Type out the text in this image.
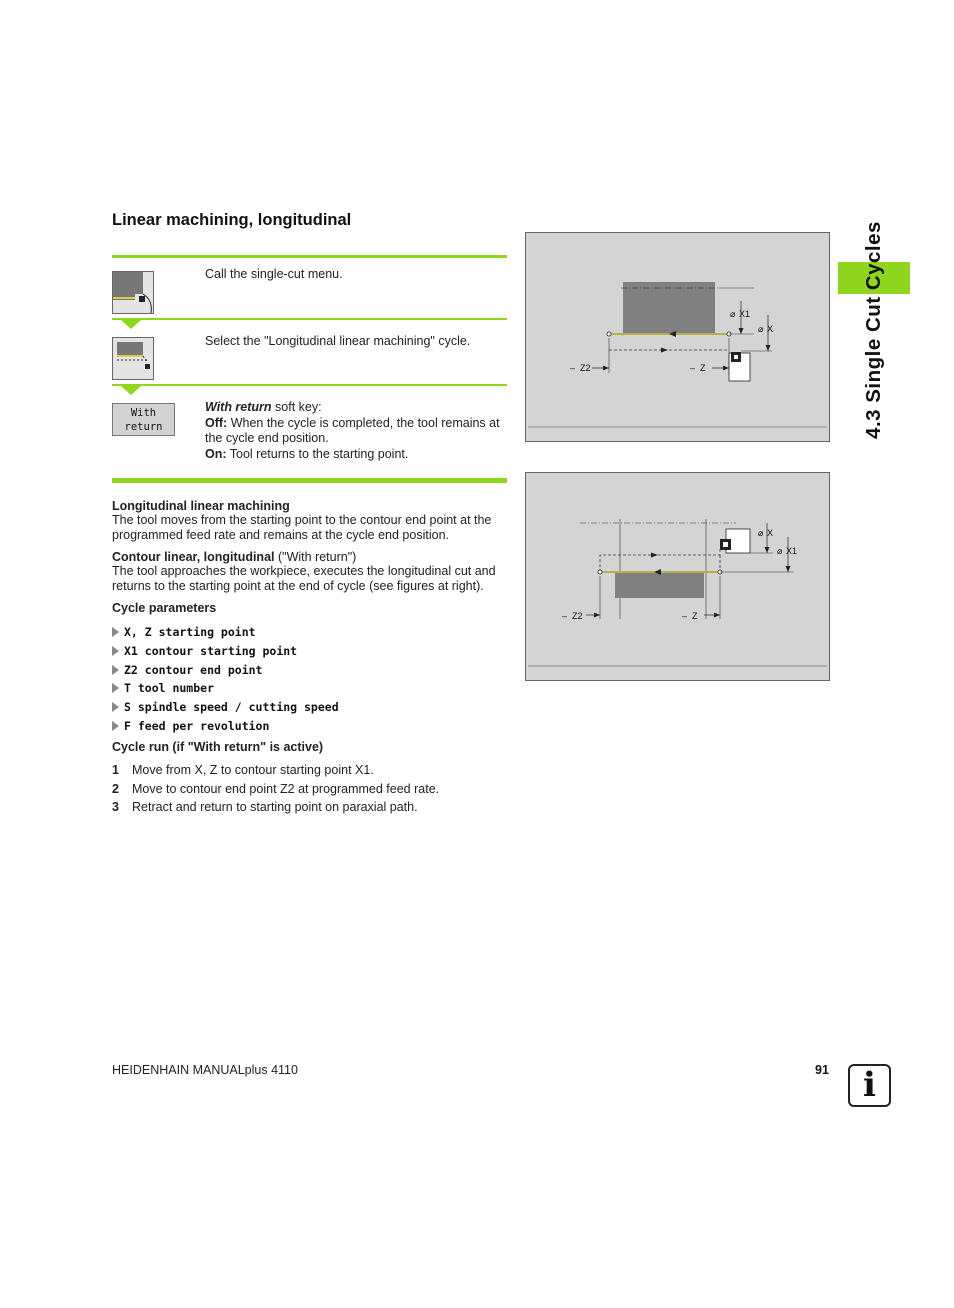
Linear machining, longitudinal
Call the single-cut menu.
Select the "Longitudinal linear machining" cycle.
With
return
With return soft key:
Off: When the cycle is completed, the tool remains at the cycle end position.
On: Tool returns to the starting point.
Longitudinal linear machining
The tool moves from the starting point to the contour end point at the programmed feed rate and remains at the cycle end position.
Contour linear, longitudinal ("With return")
The tool approaches the workpiece, executes the longitudinal cut and returns to the starting point at the end of cycle (see figures at right).
Cycle parameters
X, Z starting point
X1 contour starting point
Z2 contour end point
T tool number
S spindle speed / cutting speed
F feed per revolution
Cycle run (if "With return" is active)
1	Move from X, Z to contour starting point X1.
2	Move to contour end point Z2 at programmed feed rate.
3	Retract and return to starting point on paraxial path.
⌀ X1
⌀ X
– Z2	– Z
⌀ X
⌀ X1
– Z2	– Z
4.3 Single Cut Cycles
HEIDENHAIN MANUALplus 4110	91 i
